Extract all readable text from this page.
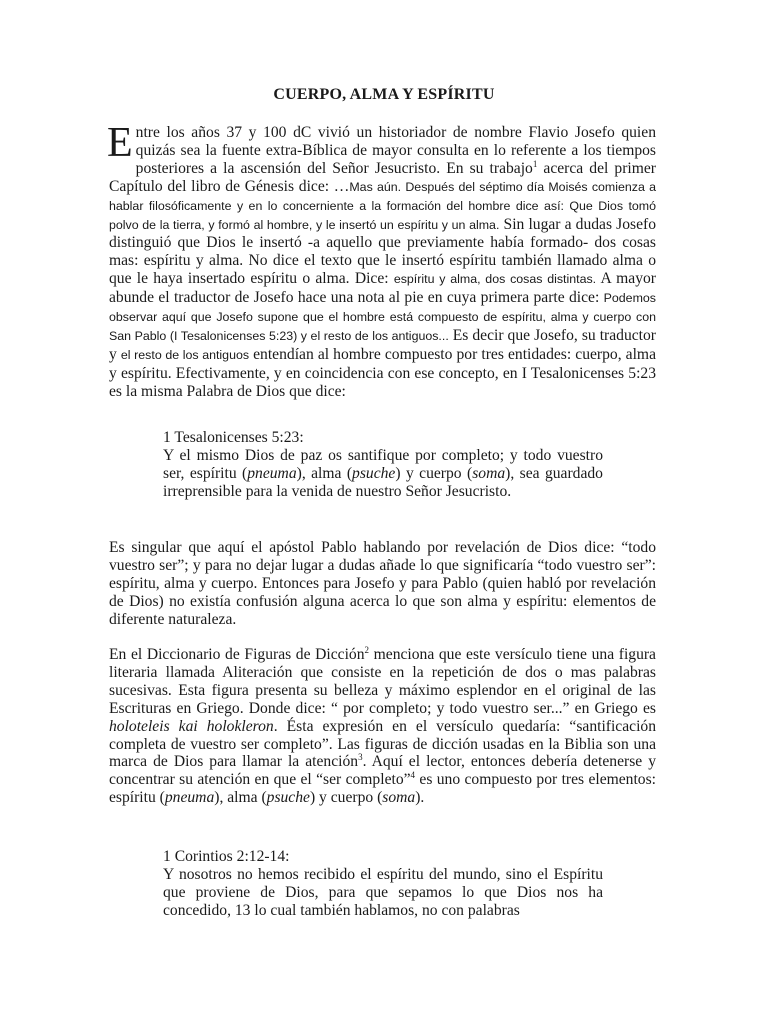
CUERPO, ALMA Y ESPÍRITU
Entre los años 37 y 100 dC vivió un historiador de nombre Flavio Josefo quien quizás sea la fuente extra-Bíblica de mayor consulta en lo referente a los tiempos posteriores a la ascensión del Señor Jesucristo. En su trabajo$^1$ acerca del primer Capítulo del libro de Génesis dice: …Mas aún. Después del séptimo día Moisés comienza a hablar filosóficamente y en lo concerniente a la formación del hombre dice así: Que Dios tomó polvo de la tierra, y formó al hombre, y le insertó un espíritu y un alma. Sin lugar a dudas Josefo distinguió que Dios le insertó -a aquello que previamente había formado- dos cosas mas: espíritu y alma. No dice el texto que le insertó espíritu también llamado alma o que le haya insertado espíritu o alma. Dice: espíritu y alma, dos cosas distintas. A mayor abunde el traductor de Josefo hace una nota al pie en cuya primera parte dice: Podemos observar aquí que Josefo supone que el hombre está compuesto de espíritu, alma y cuerpo con San Pablo (I Tesalonicenses 5:23) y el resto de los antiguos... Es decir que Josefo, su traductor y el resto de los antiguos entendían al hombre compuesto por tres entidades: cuerpo, alma y espíritu. Efectivamente, y en coincidencia con ese concepto, en I Tesalonicenses 5:23 es la misma Palabra de Dios que dice:
1 Tesalonicenses 5:23:
Y el mismo Dios de paz os santifique por completo; y todo vuestro ser, espíritu (pneuma), alma (psuche) y cuerpo (soma), sea guardado irreprensible para la venida de nuestro Señor Jesucristo.
Es singular que aquí el apóstol Pablo hablando por revelación de Dios dice: “todo vuestro ser”; y para no dejar lugar a dudas añade lo que significaría “todo vuestro ser”: espíritu, alma y cuerpo. Entonces para Josefo y para Pablo (quien habló por revelación de Dios) no existía confusión alguna acerca lo que son alma y espíritu: elementos de diferente naturaleza.
En el Diccionario de Figuras de Dicción$^2$ menciona que este versículo tiene una figura literaria llamada Aliteración que consiste en la repetición de dos o mas palabras sucesivas. Esta figura presenta su belleza y máximo esplendor en el original de las Escrituras en Griego. Donde dice: “ por completo; y todo vuestro ser...” en Griego es holoteleis kai holokleron. Ésta expresión en el versículo quedaría: “santificación completa de vuestro ser completo”. Las figuras de dicción usadas en la Biblia son una marca de Dios para llamar la atención$^3$. Aquí el lector, entonces debería detenerse y concentrar su atención en que el “ser completo”$^4$ es uno compuesto por tres elementos: espíritu (pneuma), alma (psuche) y cuerpo (soma).
1 Corintios 2:12-14:
Y nosotros no hemos recibido el espíritu del mundo, sino el Espíritu que proviene de Dios, para que sepamos lo que Dios nos ha concedido, 13 lo cual también hablamos, no con palabras
